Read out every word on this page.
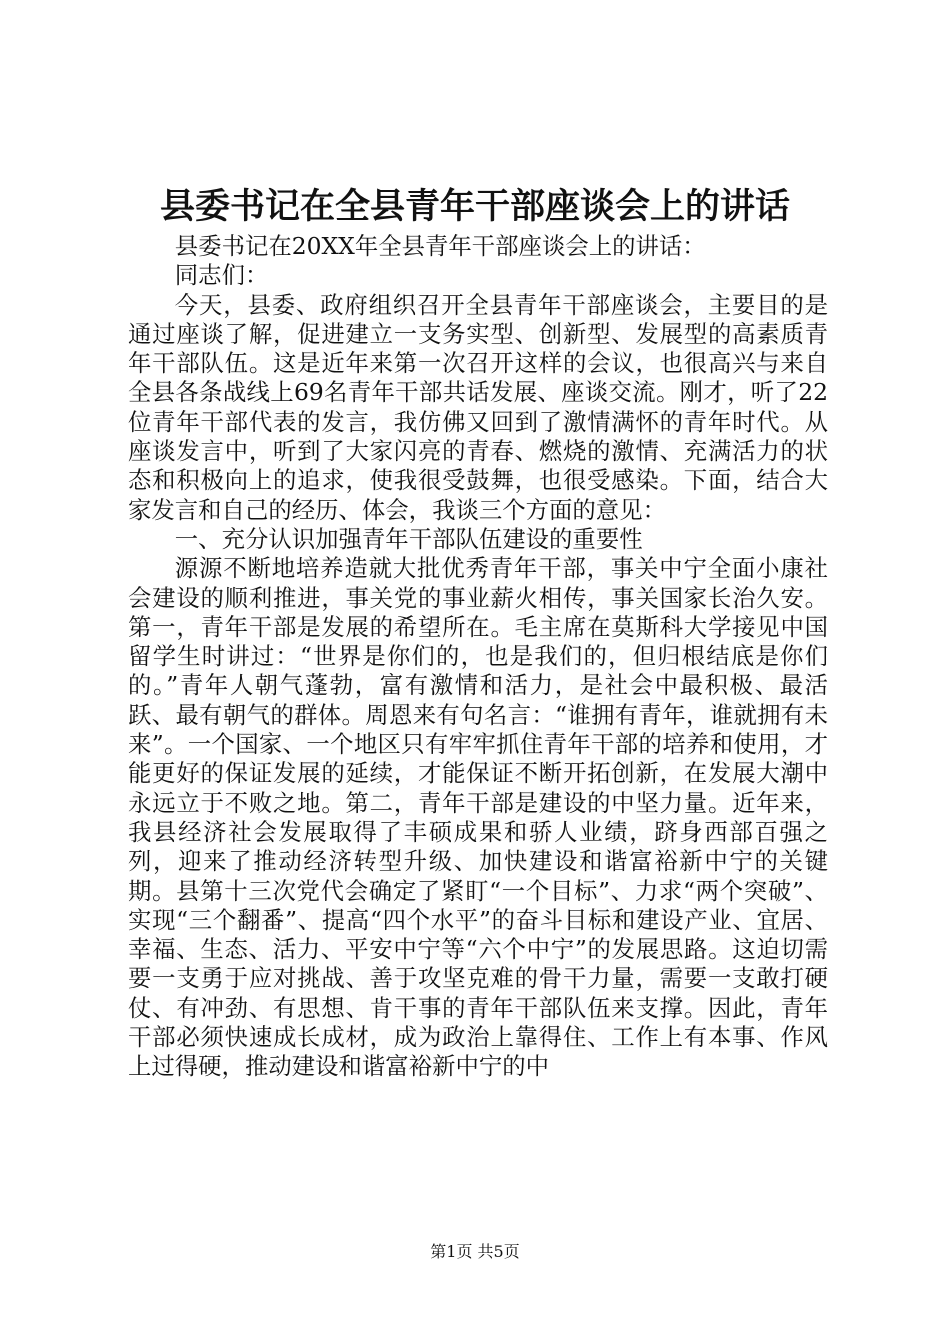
县委书记在全县青年干部座谈会上的讲话

县委书记在20XX年全县青年干部座谈会上的讲话：

同志们：

今天，县委、政府组织召开全县青年干部座谈会，主要目的是通过座谈了解，促进建立一支务实型、创新型、发展型的高素质青年干部队伍。这是近年来第一次召开这样的会议，也很高兴与来自全县各条战线上69名青年干部共话发展、座谈交流。刚才，听了22位青年干部代表的发言，我仿佛又回到了激情满怀的青年时代。从座谈发言中，听到了大家闪亮的青春、燃烧的激情、充满活力的状态和积极向上的追求，使我很受鼓舞，也很受感染。下面，结合大家发言和自己的经历、体会，我谈三个方面的意见：

一、充分认识加强青年干部队伍建设的重要性

源源不断地培养造就大批优秀青年干部，事关中宁全面小康社会建设的顺利推进，事关党的事业薪火相传，事关国家长治久安。第一，青年干部是发展的希望所在。毛主席在莫斯科大学接见中国留学生时讲过：“世界是你们的，也是我们的，但归根结底是你们的。”青年人朝气蓬勃，富有激情和活力，是社会中最积极、最活跃、最有朝气的群体。周恩来有句名言：“谁拥有青年，谁就拥有未来”。一个国家、一个地区只有牢牢抓住青年干部的培养和使用，才能更好的保证发展的延续，才能保证不断开拓创新，在发展大潮中永远立于不败之地。第二，青年干部是建设的中坚力量。近年来，我县经济社会发展取得了丰硕成果和骄人业绩，跻身西部百强之列，迎来了推动经济转型升级、加快建设和谐富裕新中宁的关键期。县第十三次党代会确定了紧盯“一个目标”、力求“两个突破”、实现“三个翻番”、提高“四个水平”的奋斗目标和建设产业、宜居、幸福、生态、活力、平安中宁等“六个中宁”的发展思路。这迫切需要一支勇于应对挑战、善于攻坚克难的骨干力量，需要一支敢打硬仗、有冲劲、有思想、肯干事的青年干部队伍来支撑。因此，青年干部必须快速成长成材，成为政治上靠得住、工作上有本事、作风上过得硬，推动建设和谐富裕新中宁的中

第1页 共5页
